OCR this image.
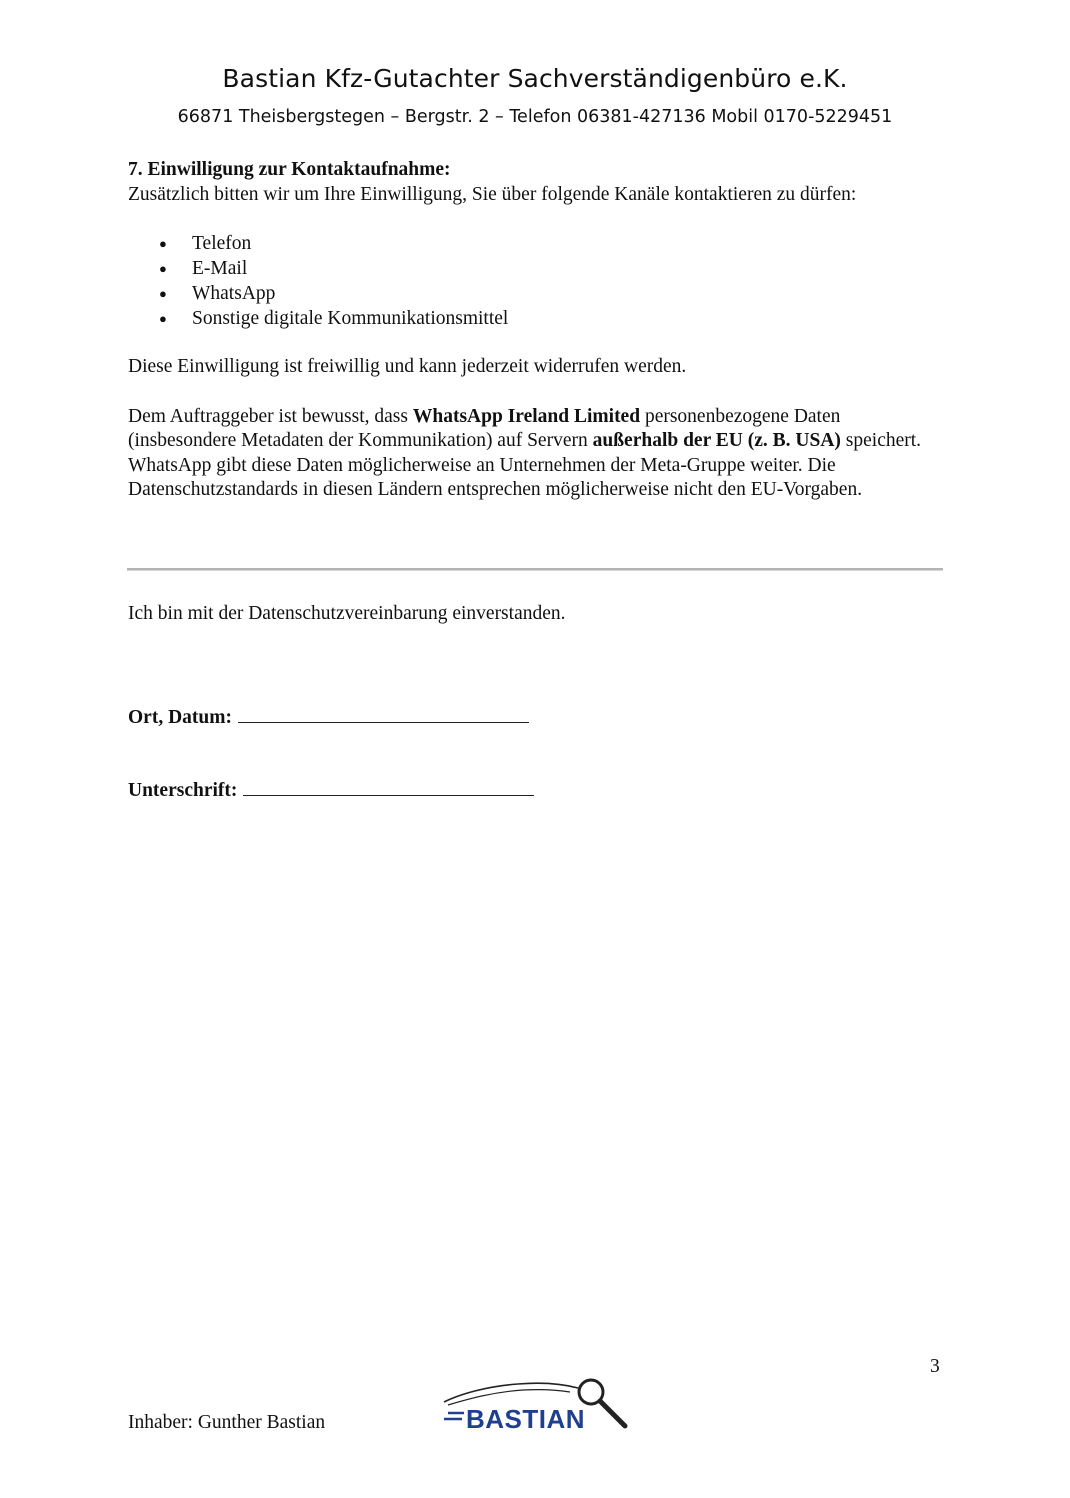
Bastian Kfz-Gutachter Sachverständigenbüro e.K.
66871 Theisbergstegen – Bergstr. 2 – Telefon 06381-427136 Mobil 0170-5229451

7. Einwilligung zur Kontaktaufnahme:

Zusätzlich bitten wir um Ihre Einwilligung, Sie über folgende Kanäle kontaktieren zu dürfen:

● Telefon
● E-Mail
● WhatsApp
● Sonstige digitale Kommunikationsmittel

Diese Einwilligung ist freiwillig und kann jederzeit widerrufen werden.

Dem Auftraggeber ist bewusst, dass WhatsApp Ireland Limited personenbezogene Daten (insbesondere Metadaten der Kommunikation) auf Servern außerhalb der EU (z. B. USA) speichert. WhatsApp gibt diese Daten möglicherweise an Unternehmen der Meta-Gruppe weiter. Die Datenschutzstandards in diesen Ländern entsprechen möglicherweise nicht den EU-Vorgaben.

Ich bin mit der Datenschutzvereinbarung einverstanden.
Ort, Datum:
Unterschrift:
3
Inhaber: Gunther Bastian	BASTIAN
